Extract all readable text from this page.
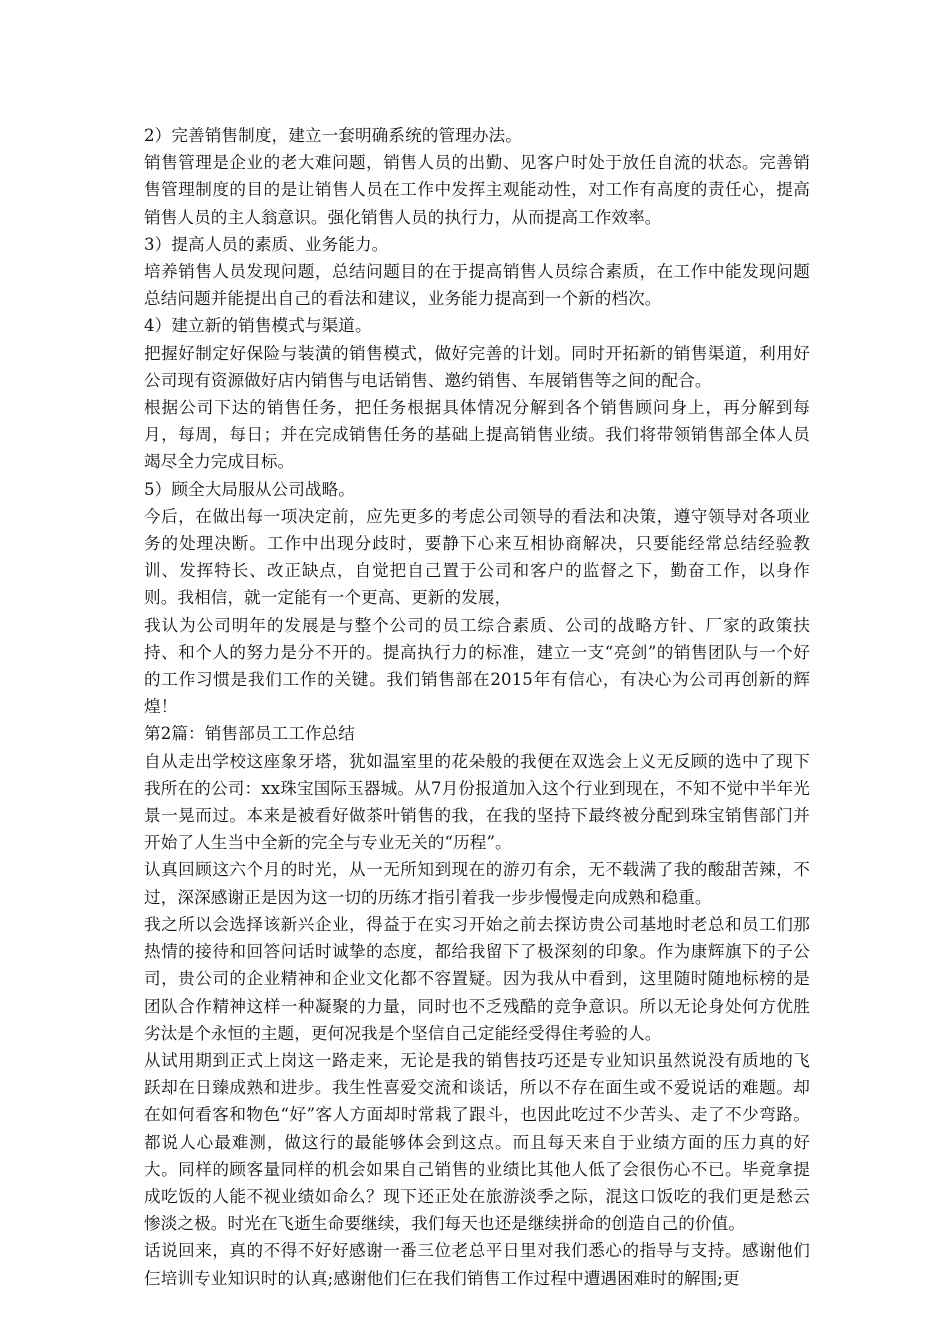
2）完善销售制度，建立一套明确系统的管理办法。

销售管理是企业的老大难问题，销售人员的出勤、见客户时处于放任自流的状态。完善销售管理制度的目的是让销售人员在工作中发挥主观能动性，对工作有高度的责任心，提高销售人员的主人翁意识。强化销售人员的执行力，从而提高工作效率。

3）提高人员的素质、业务能力。

培养销售人员发现问题，总结问题目的在于提高销售人员综合素质，在工作中能发现问题总结问题并能提出自己的看法和建议，业务能力提高到一个新的档次。

4）建立新的销售模式与渠道。

把握好制定好保险与装潢的销售模式，做好完善的计划。同时开拓新的销售渠道，利用好公司现有资源做好店内销售与电话销售、邀约销售、车展销售等之间的配合。

根据公司下达的销售任务，把任务根据具体情况分解到各个销售顾问身上，再分解到每月，每周，每日；并在完成销售任务的基础上提高销售业绩。我们将带领销售部全体人员竭尽全力完成目标。

5）顾全大局服从公司战略。

今后，在做出每一项决定前，应先更多的考虑公司领导的看法和决策，遵守领导对各项业务的处理决断。工作中出现分歧时，要静下心来互相协商解决，只要能经常总结经验教训、发挥特长、改正缺点，自觉把自己置于公司和客户的监督之下，勤奋工作，以身作则。我相信，就一定能有一个更高、更新的发展，

我认为公司明年的发展是与整个公司的员工综合素质、公司的战略方针、厂家的政策扶持、和个人的努力是分不开的。提高执行力的标准，建立一支“亮剑”的销售团队与一个好的工作习惯是我们工作的关键。我们销售部在2015年有信心，有决心为公司再创新的辉煌！

第2篇：销售部员工工作总结

自从走出学校这座象牙塔，犹如温室里的花朵般的我便在双选会上义无反顾的选中了现下我所在的公司：xx珠宝国际玉器城。从7月份报道加入这个行业到现在，不知不觉中半年光景一晃而过。本来是被看好做茶叶销售的我，在我的坚持下最终被分配到珠宝销售部门并开始了人生当中全新的完全与专业无关的“历程”。

认真回顾这六个月的时光，从一无所知到现在的游刃有余，无不载满了我的酸甜苦辣，不过，深深感谢正是因为这一切的历练才指引着我一步步慢慢走向成熟和稳重。

我之所以会选择该新兴企业，得益于在实习开始之前去探访贵公司基地时老总和员工们那热情的接待和回答问话时诚挚的态度，都给我留下了极深刻的印象。作为康辉旗下的子公司，贵公司的企业精神和企业文化都不容置疑。因为我从中看到，这里随时随地标榜的是团队合作精神这样一种凝聚的力量，同时也不乏残酷的竞争意识。所以无论身处何方优胜劣汰是个永恒的主题，更何况我是个坚信自己定能经受得住考验的人。

从试用期到正式上岗这一路走来，无论是我的销售技巧还是专业知识虽然说没有质地的飞跃却在日臻成熟和进步。我生性喜爱交流和谈话，所以不存在面生或不爱说话的难题。却在如何看客和物色“好”客人方面却时常栽了跟斗，也因此吃过不少苦头、走了不少弯路。都说人心最难测，做这行的最能够体会到这点。而且每天来自于业绩方面的压力真的好大。同样的顾客量同样的机会如果自己销售的业绩比其他人低了会很伤心不已。毕竟拿提成吃饭的人能不视业绩如命么？现下还正处在旅游淡季之际，混这口饭吃的我们更是愁云惨淡之极。时光在飞逝生命要继续，我们每天也还是继续拼命的创造自己的价值。

话说回来，真的不得不好好感谢一番三位老总平日里对我们悉心的指导与支持。感谢他们仨培训专业知识时的认真;感谢他们仨在我们销售工作过程中遭遇困难时的解围;更
